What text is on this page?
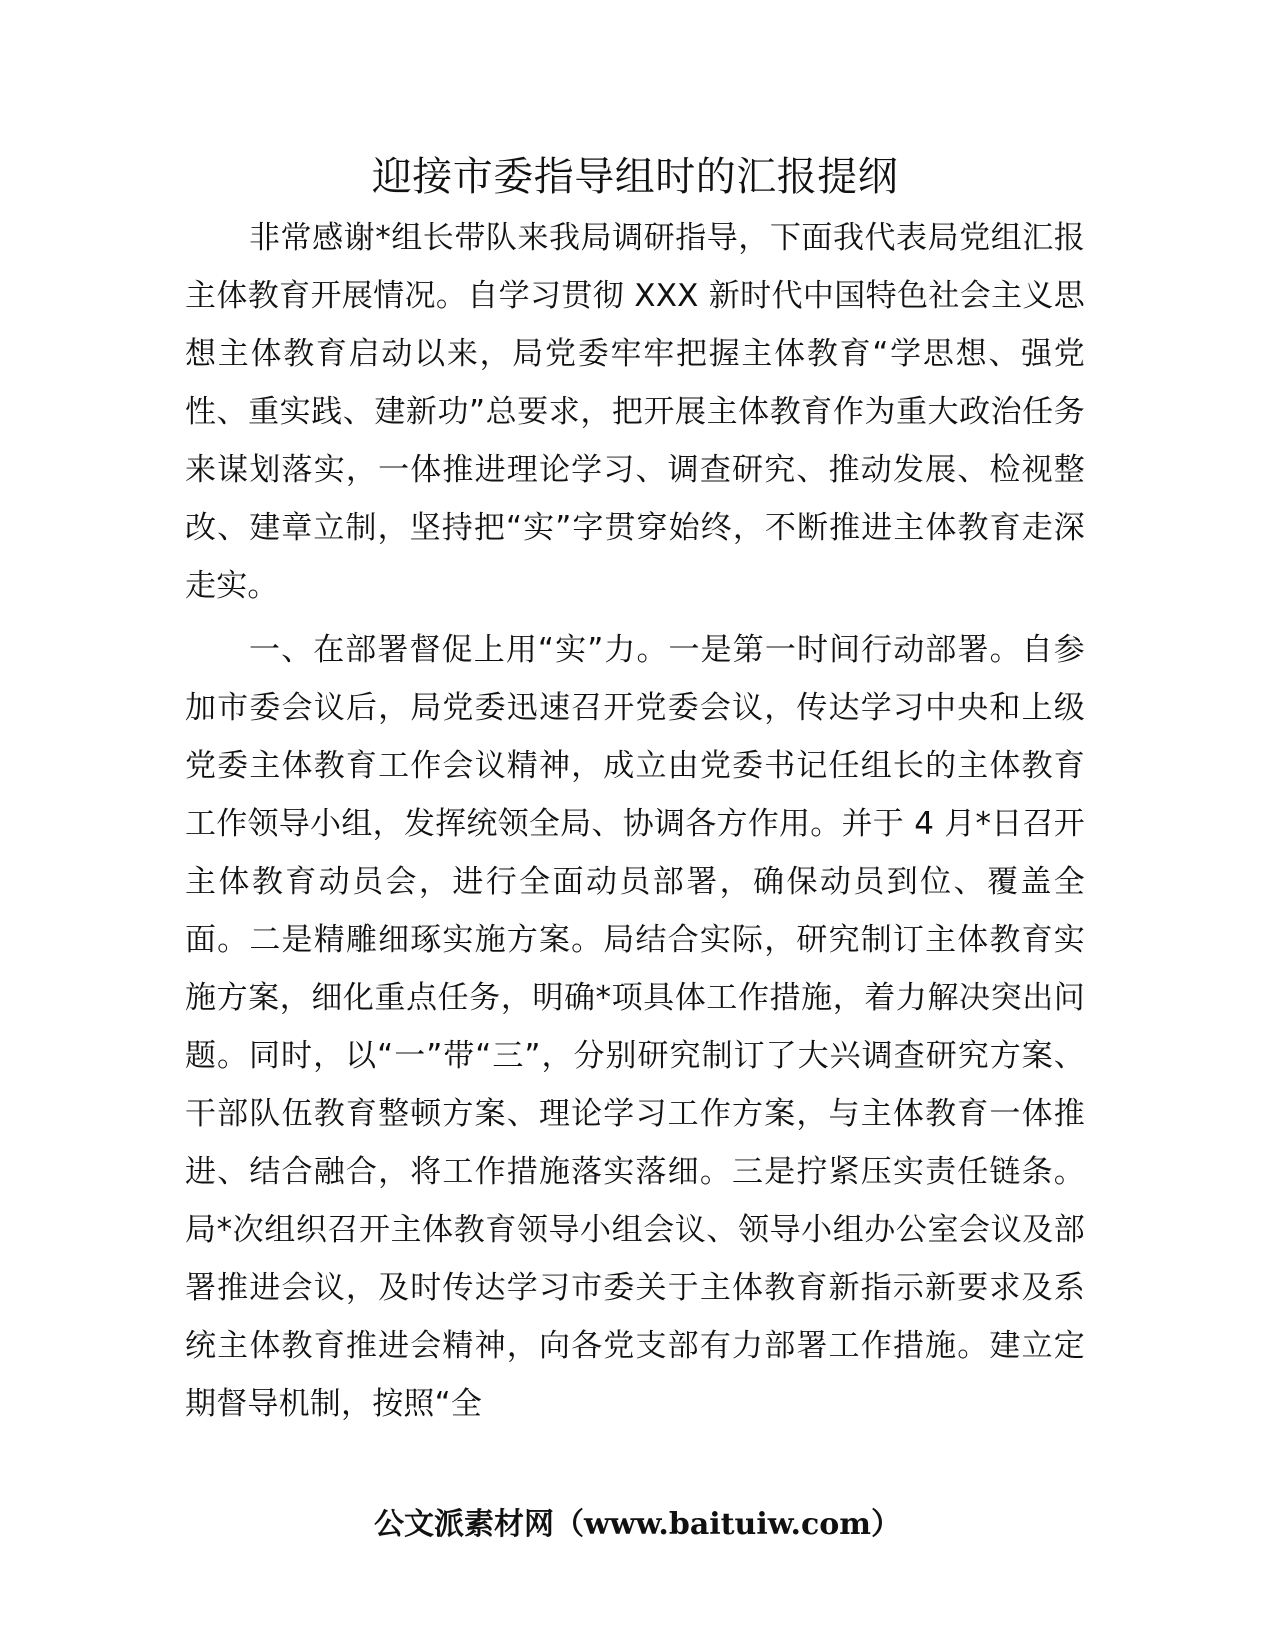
迎接市委指导组时的汇报提纲

非常感谢*组长带队来我局调研指导，下面我代表局党组汇报主体教育开展情况。自学习贯彻 XXX 新时代中国特色社会主义思想主体教育启动以来，局党委牢牢把握主体教育“学思想、强党性、重实践、建新功”总要求，把开展主体教育作为重大政治任务来谋划落实，一体推进理论学习、调查研究、推动发展、检视整改、建章立制，坚持把“实”字贯穿始终，不断推进主体教育走深走实。

一、在部署督促上用“实”力。一是第一时间行动部署。自参加市委会议后，局党委迅速召开党委会议，传达学习中央和上级党委主体教育工作会议精神，成立由党委书记任组长的主体教育工作领导小组，发挥统领全局、协调各方作用。并于 4 月*日召开主体教育动员会，进行全面动员部署，确保动员到位、覆盖全面。二是精雕细琢实施方案。局结合实际，研究制订主体教育实施方案，细化重点任务，明确*项具体工作措施，着力解决突出问题。同时，以“一”带“三”，分别研究制订了大兴调查研究方案、干部队伍教育整顿方案、理论学习工作方案，与主体教育一体推进、结合融合，将工作措施落实落细。三是拧紧压实责任链条。局*次组织召开主体教育领导小组会议、领导小组办公室会议及部署推进会议，及时传达学习市委关于主体教育新指示新要求及系统主体教育推进会精神，向各党支部有力部署工作措施。建立定期督导机制，按照“全

公文派素材网（www.baituiw.com）
